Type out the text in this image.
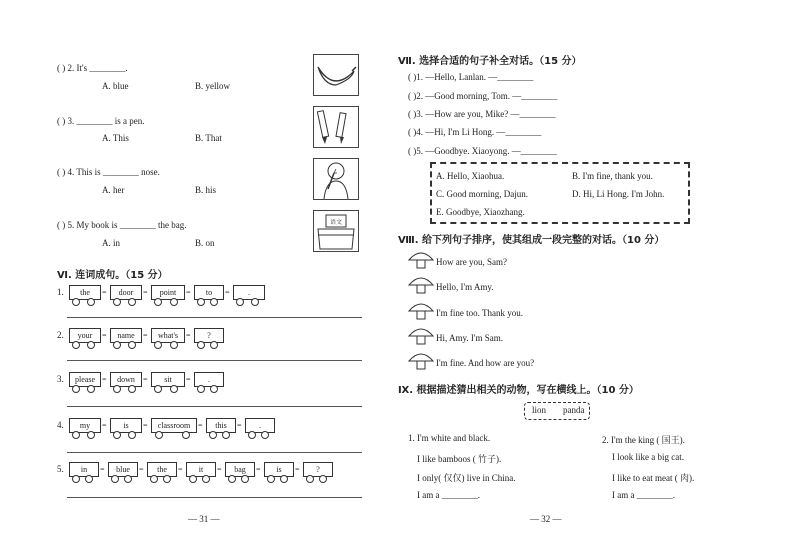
( ) 2. It's ________.
A. blue	B. yellow
( ) 3. ________ is a pen.
A. This	B. That
( ) 4. This is ________ nose.
A. her	B. his
( ) 5. My book is ________ the bag.
A. in	B. on
语文
Ⅵ. 连词成句。（15 分）
1.	the	=	door	=	point	=	to	=	.
2.	your	=	name	=	what's =	?
3.	please =	down	=	sit	=	.
4.	my	=	is	=	classroom =	this	=	.
5.	in	=	blue	=	the	=	it	=	bag	=	is	=	?
— 31 —
Ⅶ. 选择合适的句子补全对话。（15 分）
( )1. —Hello, Lanlan. —________
( )2. —Good morning, Tom. —________
( )3. —How are you, Mike? —________
( )4. —Hi, I'm Li Hong. —________
( )5. —Goodbye. Xiaoyong. —________
A. Hello, Xiaohua.	B. I'm fine, thank you.
C. Good morning, Dajun.	D. Hi, Li Hong. I'm John.
E. Goodbye, Xiaozhang.
Ⅷ. 给下列句子排序，使其组成一段完整的对话。（10 分）
How are you, Sam?
Hello, I'm Amy.
I'm fine too. Thank you.
Hi, Amy. I'm Sam.
I'm fine. And how are you?
Ⅸ. 根据描述猜出相关的动物，写在横线上。（10 分）
lion panda
1. I'm white and black.
I like bamboos ( 竹子).
I only( 仅仅) live in China.
I am a ________.
2. I'm the king ( 国王).
I look like a big cat.
I like to eat meat ( 肉).
I am a ________.
— 32 —
